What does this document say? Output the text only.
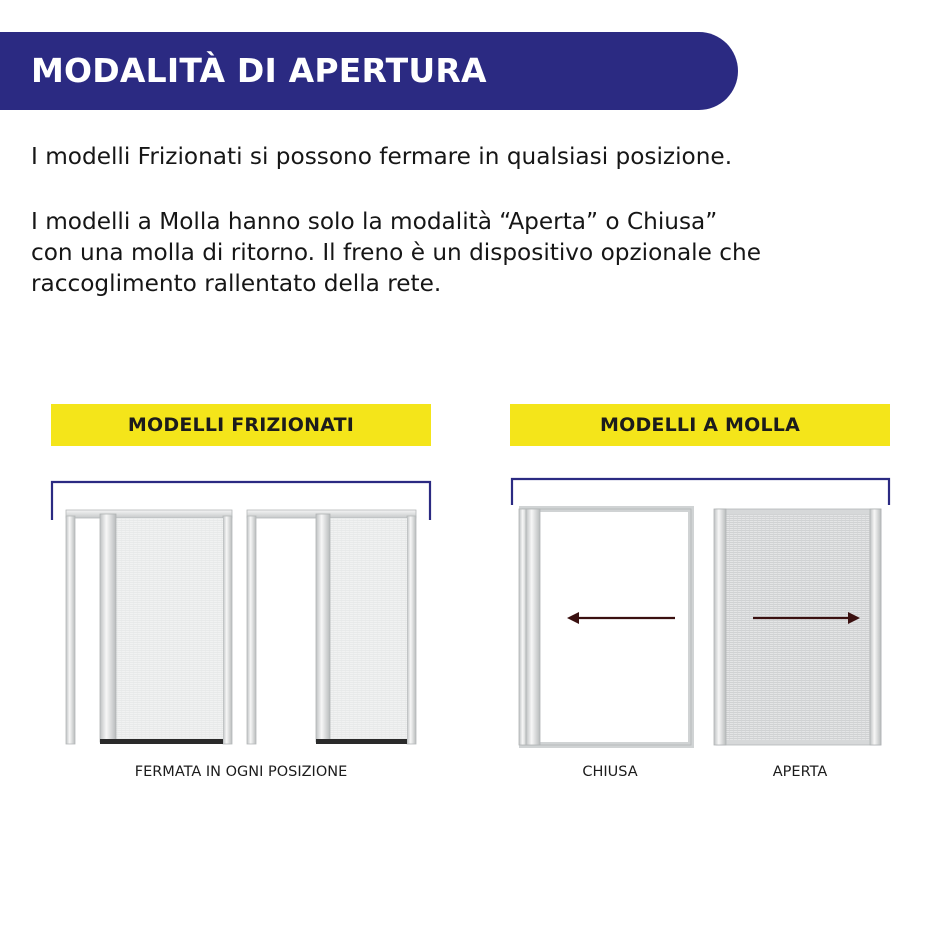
MODALITÀ DI APERTURA
I modelli Frizionati si possono fermare in qualsiasi posizione.
I modelli a Molla hanno solo la modalità “Aperta” o Chiusa”
con una molla di ritorno. Il freno è un dispositivo opzionale che
raccoglimento rallentato della rete.
MODELLI FRIZIONATI	MODELLI A MOLLA
FERMATA IN OGNI POSIZIONE	CHIUSA	APERTA
